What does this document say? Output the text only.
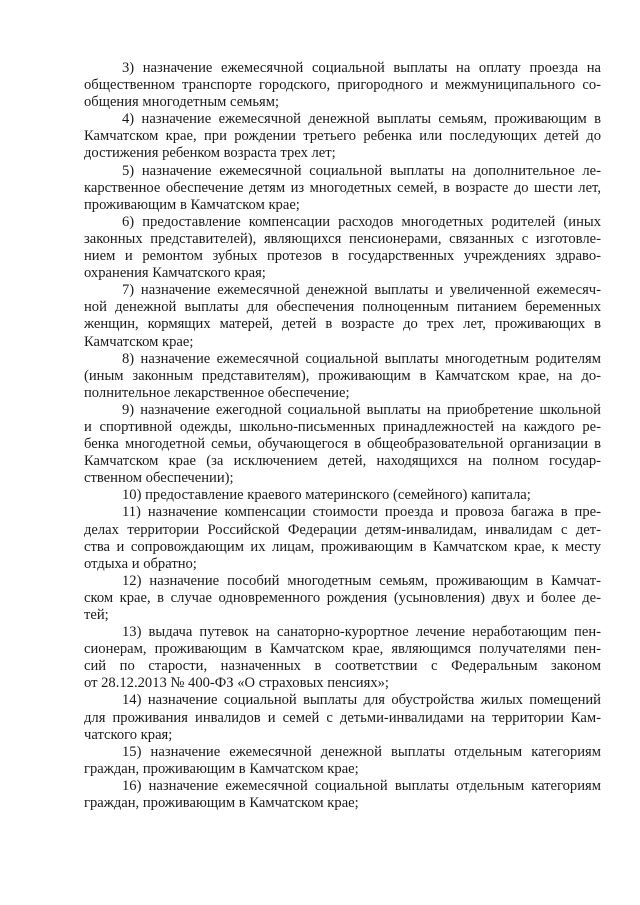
3) назначение ежемесячной социальной выплаты на оплату проезда на
общественном транспорте городского, пригородного и межмуниципального со-
общения многодетным семьям;
4) назначение ежемесячной денежной выплаты семьям, проживающим в
Камчатском крае, при рождении третьего ребенка или последующих детей до
достижения ребенком возраста трех лет;
5) назначение ежемесячной социальной выплаты на дополнительное ле-
карственное обеспечение детям из многодетных семей, в возрасте до шести лет,
проживающим в Камчатском крае;
6) предоставление компенсации расходов многодетных родителей (иных
законных представителей), являющихся пенсионерами, связанных с изготовле-
нием и ремонтом зубных протезов в государственных учреждениях здраво-
охранения Камчатского края;
7) назначение ежемесячной денежной выплаты и увеличенной ежемесяч-
ной денежной выплаты для обеспечения полноценным питанием беременных
женщин, кормящих матерей, детей в возрасте до трех лет, проживающих в
Камчатском крае;
8) назначение ежемесячной социальной выплаты многодетным родителям
(иным законным представителям), проживающим в Камчатском крае, на до-
полнительное лекарственное обеспечение;
9) назначение ежегодной социальной выплаты на приобретение школьной
и спортивной одежды, школьно-письменных принадлежностей на каждого ре-
бенка многодетной семьи, обучающегося в общеобразовательной организации в
Камчатском крае (за исключением детей, находящихся на полном государ-
ственном обеспечении);
10) предоставление краевого материнского (семейного) капитала;
11) назначение компенсации стоимости проезда и провоза багажа в пре-
делах территории Российской Федерации детям-инвалидам, инвалидам с дет-
ства и сопровождающим их лицам, проживающим в Камчатском крае, к месту
отдыха и обратно;
12) назначение пособий многодетным семьям, проживающим в Камчат-
ском крае, в случае одновременного рождения (усыновления) двух и более де-
тей;
13) выдача путевок на санаторно-курортное лечение неработающим пен-
сионерам, проживающим в Камчатском крае, являющимся получателями пен-
сий по старости, назначенных в соответствии с Федеральным законом
от 28.12.2013 № 400-ФЗ «О страховых пенсиях»;
14) назначение социальной выплаты для обустройства жилых помещений
для проживания инвалидов и семей с детьми-инвалидами на территории Кам-
чатского края;
15) назначение ежемесячной денежной выплаты отдельным категориям
граждан, проживающим в Камчатском крае;
16) назначение ежемесячной социальной выплаты отдельным категориям
граждан, проживающим в Камчатском крае;
